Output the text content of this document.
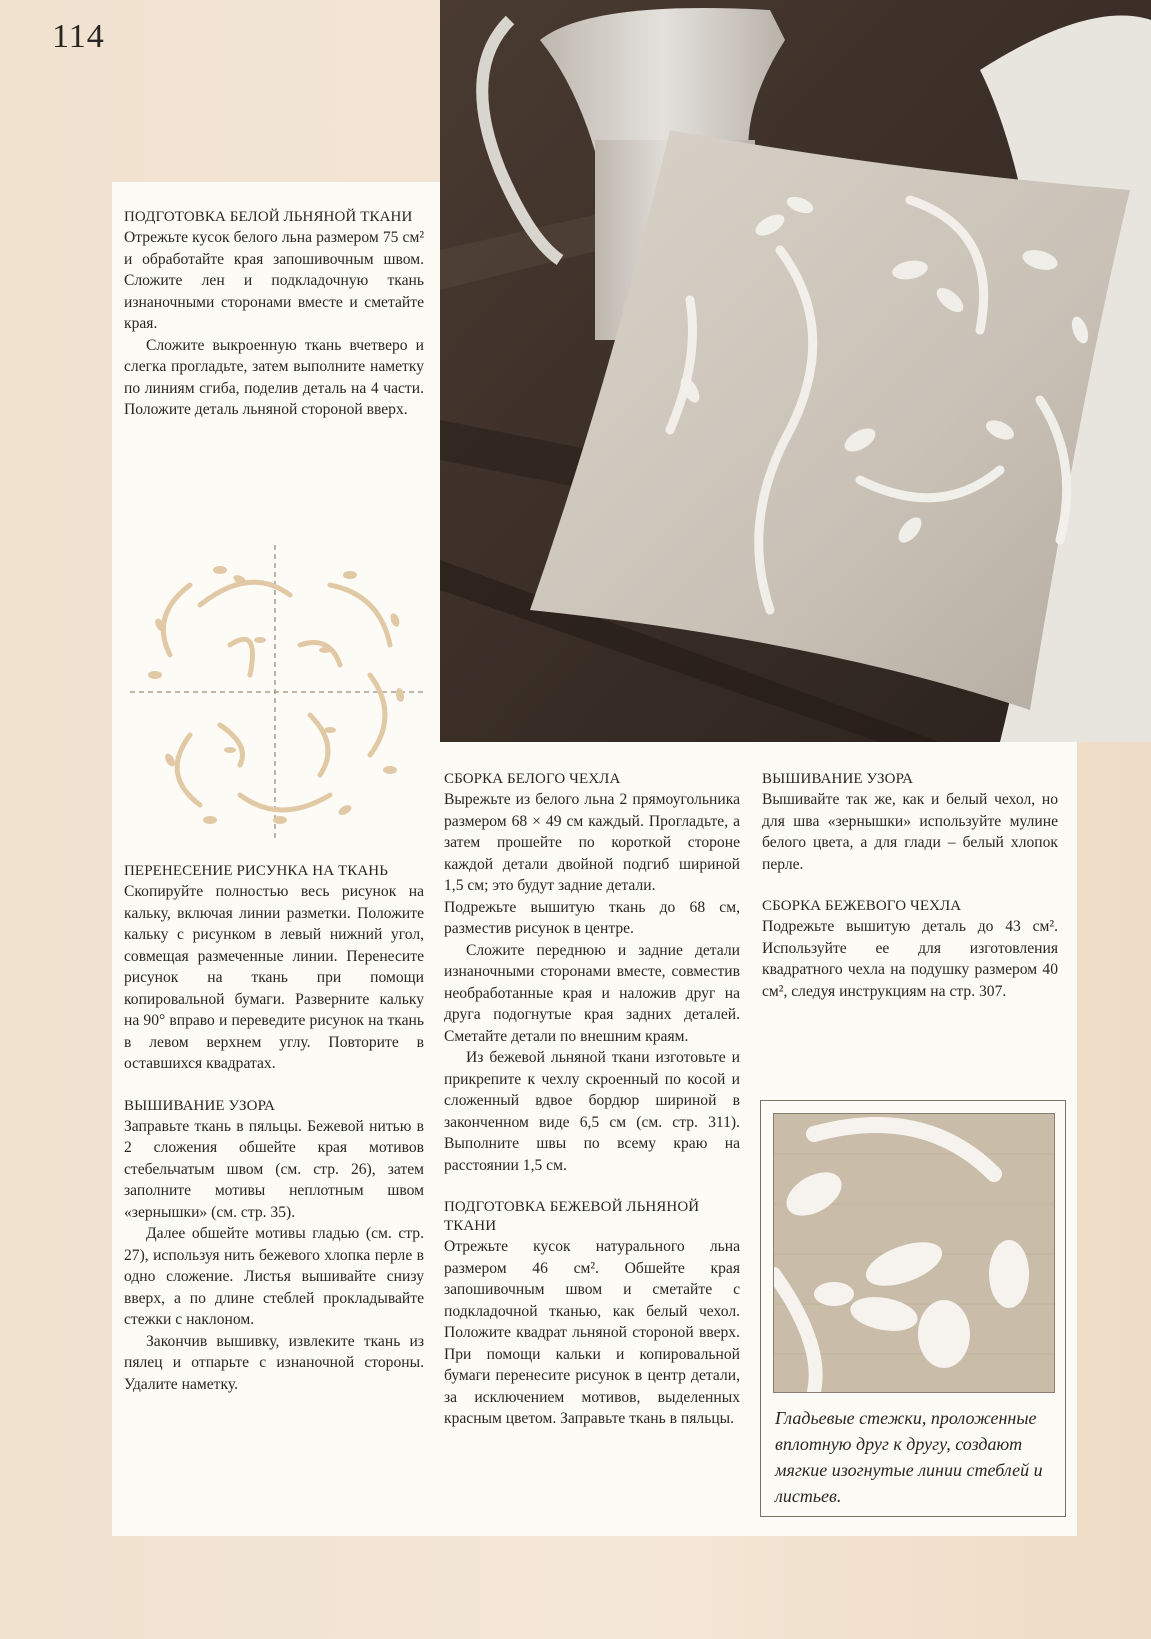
114
ПОДГОТОВКА БЕЛОЙ ЛЬНЯНОЙ ТКАНИ

Отрежьте кусок белого льна размером 75 см² и обработайте края запошивочным швом. Сложите лен и подкладочную ткань изнаночными сторонами вместе и сметайте края.

Сложите выкроенную ткань вчетверо и слегка прогладьте, затем выполните наметку по линиям сгиба, поделив деталь на 4 части. Положите деталь льняной стороной вверх.

ПЕРЕНЕСЕНИЕ РИСУНКА НА ТКАНЬ

Скопируйте полностью весь рисунок на кальку, включая линии разметки. Положите кальку с рисунком в левый нижний угол, совмещая размеченные линии. Перенесите рисунок на ткань при помощи копировальной бумаги. Разверните кальку на 90° вправо и переведите рисунок на ткань в левом верхнем углу. Повторите в оставшихся квадратах.

ВЫШИВАНИЕ УЗОРА

Заправьте ткань в пяльцы. Бежевой нитью в 2 сложения обшейте края мотивов стебельчатым швом (см. стр. 26), затем заполните мотивы неплотным швом «зернышки» (см. стр. 35).

Далее обшейте мотивы гладью (см. стр. 27), используя нить бежевого хлопка перле в одно сложение. Листья вышивайте снизу вверх, а по длине стеблей прокладывайте стежки с наклоном.

Закончив вышивку, извлеките ткань из пялец и отпарьте с изнаночной стороны. Удалите наметку.

СБОРКА БЕЛОГО ЧЕХЛА

Вырежьте из белого льна 2 прямоугольника размером 68 × 49 см каждый. Прогладьте, а затем прошейте по короткой стороне каждой детали двойной подгиб шириной 1,5 см; это будут задние детали.

Подрежьте вышитую ткань до 68 см, разместив рисунок в центре.

Сложите переднюю и задние детали изнаночными сторонами вместе, совместив необработанные края и наложив друг на друга подогнутые края задних деталей. Сметайте детали по внешним краям.

Из бежевой льняной ткани изготовьте и прикрепите к чехлу скроенный по косой и сложенный вдвое бордюр шириной в законченном виде 6,5 см (см. стр. 311). Выполните швы по всему краю на расстоянии 1,5 см.

ПОДГОТОВКА БЕЖЕВОЙ ЛЬНЯНОЙ ТКАНИ

Отрежьте кусок натурального льна размером 46 см². Обшейте края запошивочным швом и сметайте с подкладочной тканью, как белый чехол. Положите квадрат льняной стороной вверх. При помощи кальки и копировальной бумаги перенесите рисунок в центр детали, за исключением мотивов, выделенных красным цветом. Заправьте ткань в пяльцы.

ВЫШИВАНИЕ УЗОРА

Вышивайте так же, как и белый чехол, но для шва «зернышки» используйте мулине белого цвета, а для глади – белый хлопок перле.

СБОРКА БЕЖЕВОГО ЧЕХЛА

Подрежьте вышитую деталь до 43 см². Используйте ее для изготовления квадратного чехла на подушку размером 40 см², следуя инструкциям на стр. 307.

Гладьевые стежки, проложенные вплотную друг к другу, создают мягкие изогнутые линии стеблей и листьев.
